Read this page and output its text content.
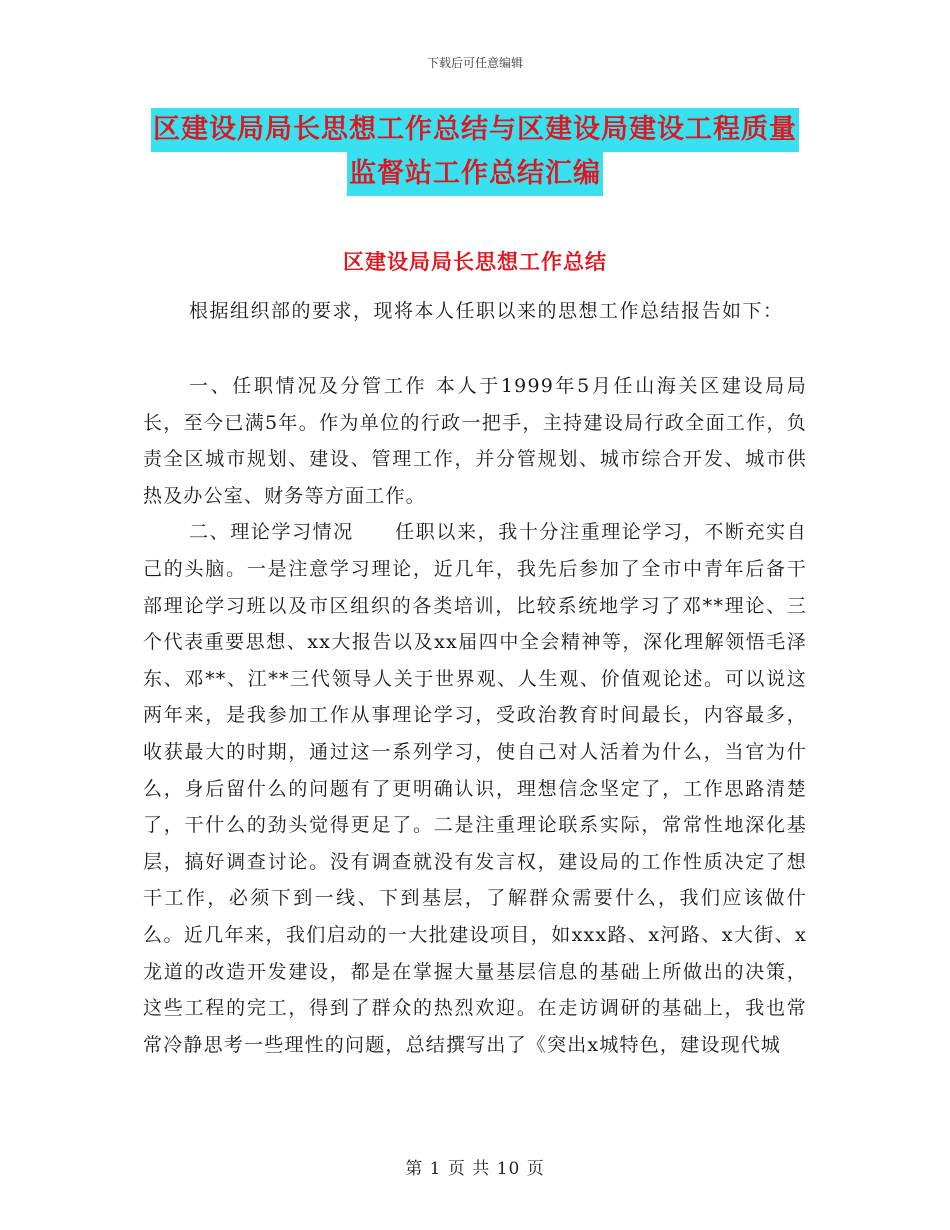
下载后可任意编辑
区建设局局长思想工作总结与区建设局建设工程质量
监督站工作总结汇编
区建设局局长思想工作总结
根据组织部的要求，现将本人任职以来的思想工作总结报告如下：

一、任职情况及分管工作 本人于1999年5月任山海关区建设局局长，至今已满5年。作为单位的行政一把手，主持建设局行政全面工作，负责全区城市规划、建设、管理工作，并分管规划、城市综合开发、城市供热及办公室、财务等方面工作。

二、理论学习情况　　任职以来，我十分注重理论学习，不断充实自己的头脑。一是注意学习理论，近几年，我先后参加了全市中青年后备干部理论学习班以及市区组织的各类培训，比较系统地学习了邓**理论、三个代表重要思想、xx大报告以及xx届四中全会精神等，深化理解领悟毛泽东、邓**、江**三代领导人关于世界观、人生观、价值观论述。可以说这两年来，是我参加工作从事理论学习，受政治教育时间最长，内容最多，收获最大的时期，通过这一系列学习，使自己对人活着为什么，当官为什么，身后留什么的问题有了更明确认识，理想信念坚定了，工作思路清楚了，干什么的劲头觉得更足了。二是注重理论联系实际，常常性地深化基层，搞好调查讨论。没有调查就没有发言权，建设局的工作性质决定了想干工作，必须下到一线、下到基层，了解群众需要什么，我们应该做什么。近几年来，我们启动的一大批建设项目，如xxx路、x河路、x大街、x龙道的改造开发建设，都是在掌握大量基层信息的基础上所做出的决策，这些工程的完工，得到了群众的热烈欢迎。在走访调研的基础上，我也常常冷静思考一些理性的问题，总结撰写出了《突出x城特色，建设现代城

第 1 页 共 10 页
